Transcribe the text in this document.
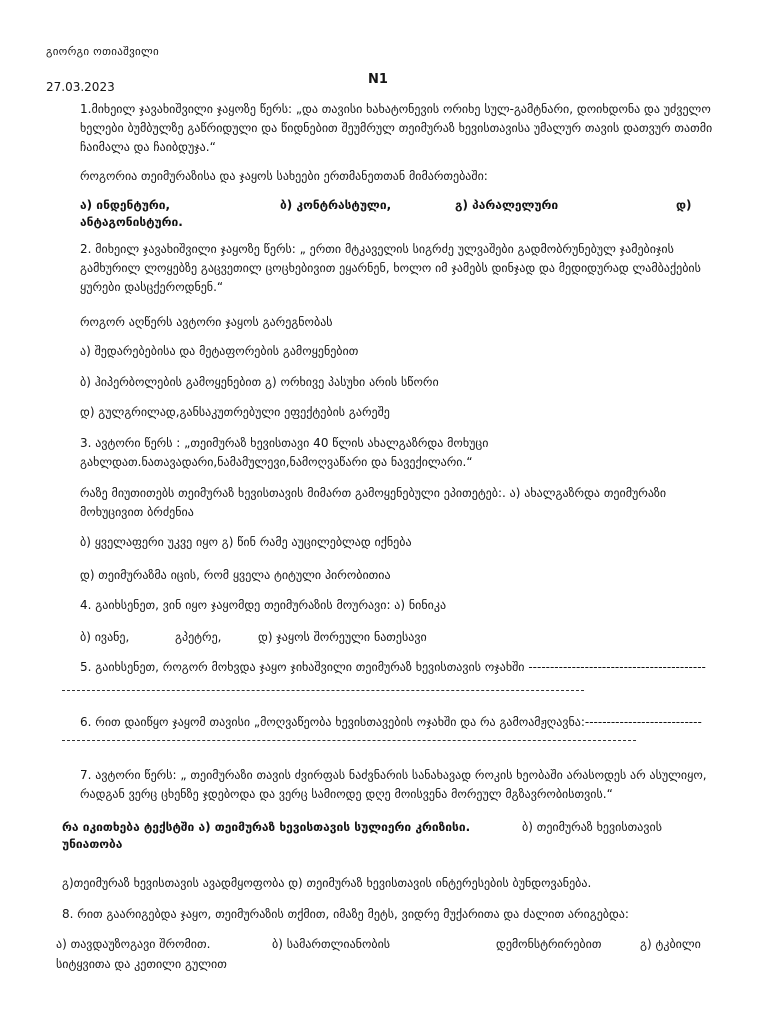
გიორგი ოთიაშვილი
27.03.2023	N1
1.მიხეილ ჯავახიშვილი ჯაყოზე წერს: „და თავისი ხახატონევის ორიხე სულ-გამტნარი, დოიხდონა და უძველო ხელები ბუმბულზე გაწრიდული და წიდნებით შეუმრულ თეიმურაზ ხევისთავისა უმალურ თავის დათვურ თათმი ჩაიმალა და ჩაიბდუჯა.“
როგორია თეიმურაზისა და ჯაყოს სახეები ერთმანეთთან მიმართებაში:
ა) ინდენტური,	ბ) კონტრასტული,	გ) პარალელური	დ)
ანტაგონისტური.
2. მიხეილ ჯავახიშვილი ჯაყოზე წერს: „ ერთი მტკაველის სიგრძე ულვაშები გადმობრუნებულ ჯამებიჯის გამხურილ ლოყებზე გაცვეთილ ცოცხებივით ეყარნენ, ხოლო იმ ჯამებს დინჯად და მედიდურად ლამბაქების ყურები დასცქეროდნენ.“
როგორ აღწერს ავტორი ჯაყოს გარეგნობას
ა) შედარებებისა და მეტაფორების გამოყენებით
ბ) ჰიპერბოლების გამოყენებით გ) ორხივე პასუხი არის სწორი
დ) გულგრილად,განსაკუთრებული ეფექტების გარეშე
3. ავტორი წერს : „თეიმურაზ ხევისთავი 40 წლის ახალგაზრდა მოხუცი გახლდათ.ნათავადარი,ნამამულევი,ნამოღვაწარი და ნავექილარი.“
რაზე მიუთითებს თეიმურაზ ხევისთავის მიმართ გამოყენებული ეპითეტებ:. ა) ახალგაზრდა თეიმურაზი მოხუცივით ბრძენია
ბ) ყველაფერი უკვე იყო გ) წინ რამე აუცილებლად იქნება
დ) თეიმურაზმა იცის, რომ ყველა ტიტული პირობითია
4. გაიხსენეთ, ვინ იყო ჯაყომდე თეიმურაზის მოურავი: ა) ნინიკა
ბ) ივანე,	გპეტრე,	დ) ჯაყოს შორეული ნათესავი
5. გაიხსენეთ, როგორ მოხვდა ჯაყო ჯიხაშვილი თეიმურაზ ხევისთავის ოჯახში -----------------------------------------
6. რით დაიწყო ჯაყომ თავისი „მოღვაწეობა ხევისთავების ოჯახში და რა გამოამჟღავნა:---------------------------
7. ავტორი წერს: „ თეიმურაზი თავის ძვირფას ნაძვნარის სანახავად როკის ხეობაში არასოდეს არ ასულიყო, რადგან ვერც ცხენზე ჯდებოდა და ვერც სამიოდე დღე მოისვენა მორეულ მგზავრობისთვის.“
რა იკითხება ტექსტში ა) თეიმურაზ ხევისთავის სულიერი კრიზისი.	ბ) თეიმურაზ ხევისთავის
უნიათობა
გ)თეიმურაზ ხევისთავის ავადმყოფობა დ) თეიმურაზ ხევისთავის ინტერესების ბუნდოვანება.
8. რით გაარიგებდა ჯაყო, თეიმურაზის თქმით, იმაზე მეტს, ვიდრე მუქარითა და ძალით არიგებდა:
ა) თავდაუზოგავი შრომით.	ბ) სამართლიანობის	დემონსტრირებით	გ) ტკბილი
სიტყვითა და კეთილი გულით
